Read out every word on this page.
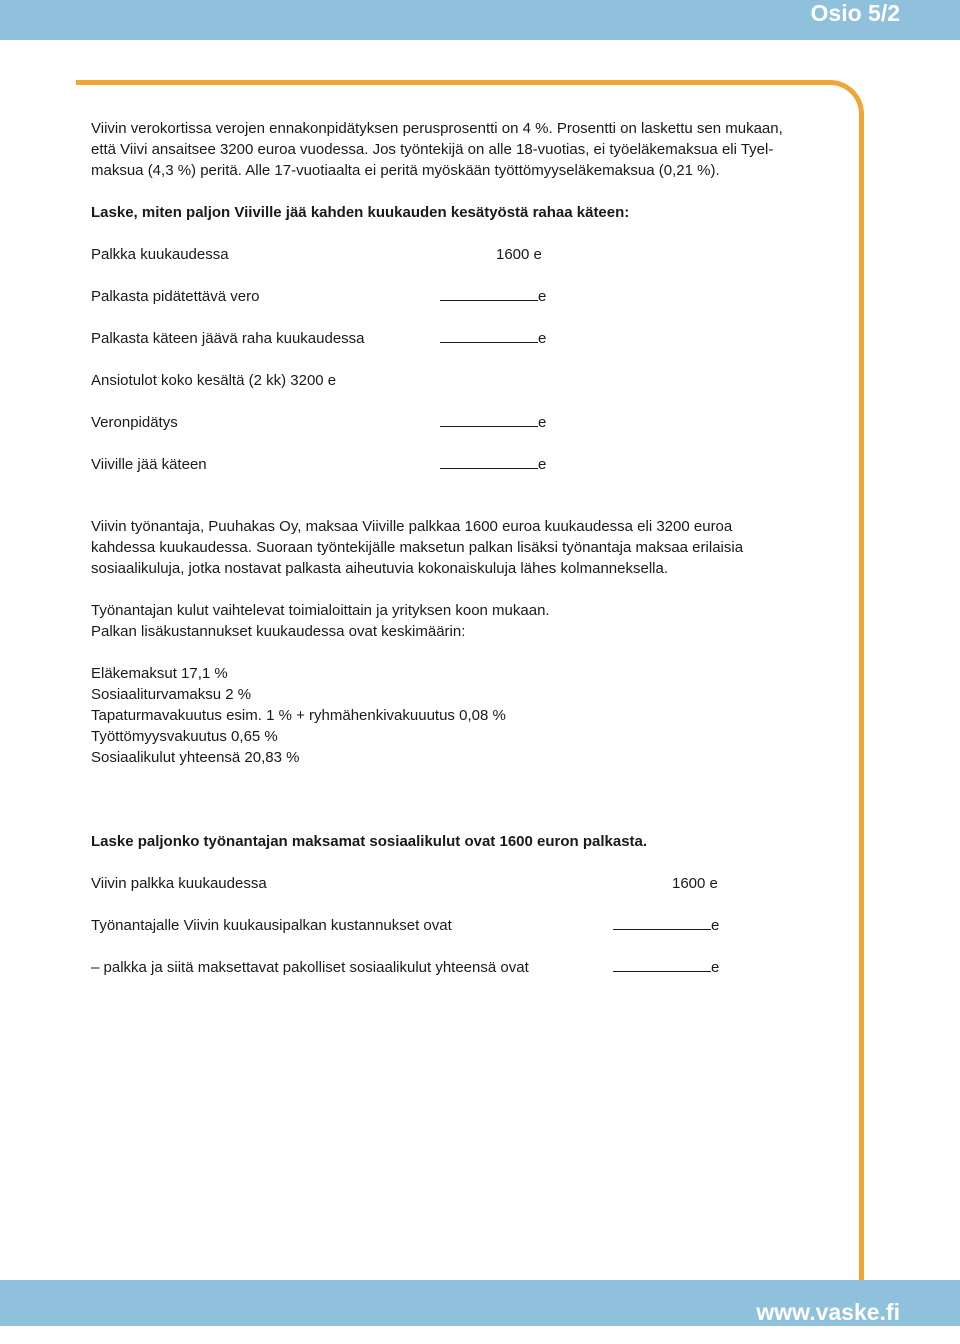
Osio 5/2
Viivin verokortissa verojen ennakonpidätyksen perusprosentti on 4 %. Prosentti on laskettu sen mukaan,
että Viivi ansaitsee 3200 euroa vuodessa. Jos työntekijä on alle 18-vuotias, ei työeläkemaksua eli Tyel-
maksua (4,3 %) peritä. Alle 17-vuotiaalta ei peritä myöskään työttömyyseläkemaksua (0,21 %).
Laske, miten paljon Viiville jää kahden kuukauden kesätyöstä rahaa käteen:
Palkka kuukaudessa	1600 e
Palkasta pidätettävä vero	e
Palkasta käteen jäävä raha kuukaudessa	e
Ansiotulot koko kesältä (2 kk) 3200 e
Veronpidätys	e
Viiville jää käteen	e
Viivin työnantaja, Puuhakas Oy, maksaa Viiville palkkaa 1600 euroa kuukaudessa eli 3200 euroa
kahdessa kuukaudessa. Suoraan työntekijälle maksetun palkan lisäksi työnantaja maksaa erilaisia
sosiaalikuluja, jotka nostavat palkasta aiheutuvia kokonaiskuluja lähes kolmanneksella.
Työnantajan kulut vaihtelevat toimialoittain ja yrityksen koon mukaan.
Palkan lisäkustannukset kuukaudessa ovat keskimäärin:
Eläkemaksut 17,1 %
Sosiaaliturvamaksu 2 %
Tapaturmavakuutus esim. 1 % + ryhmähenkivakuuutus 0,08 %
Työttömyysvakuutus 0,65 %
Sosiaalikulut yhteensä 20,83 %
Laske paljonko työnantajan maksamat sosiaalikulut ovat 1600 euron palkasta.
Viivin palkka kuukaudessa	1600 e
Työnantajalle Viivin kuukausipalkan kustannukset ovat	e
– palkka ja siitä maksettavat pakolliset sosiaalikulut yhteensä ovat	e
www.vaske.fi
